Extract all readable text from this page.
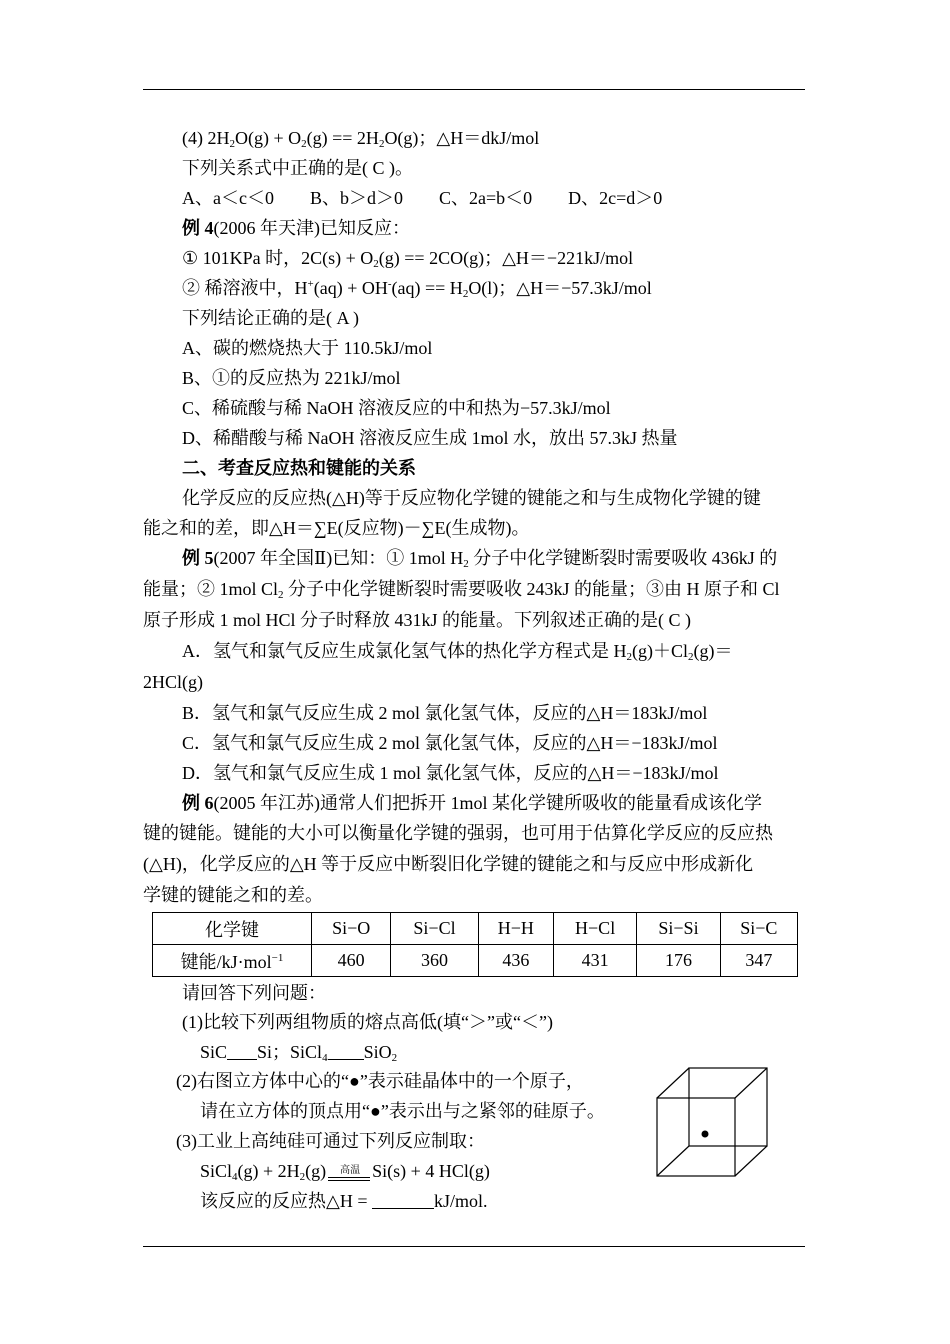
(4) $2H_2O(g) + O_2(g) == 2H_2O(g)$；△H＝dkJ/mol
下列关系式中正确的是( C )。
A、a＜c＜0　　B、b＞d＞0　　C、2a=b＜0　　D、2c=d＞0
例 4(2006 年天津)已知反应：
① 101KPa 时，$2C(s) + O_2(g) == 2CO(g)$；△H＝−221kJ/mol
② 稀溶液中，$H^+(aq) + OH^-(aq) == H_2O(l)$；△H＝−57.3kJ/mol
下列结论正确的是( A )
A、碳的燃烧热大于 110.5kJ/mol
B、①的反应热为 221kJ/mol
C、稀硫酸与稀 NaOH 溶液反应的中和热为−57.3kJ/mol
D、稀醋酸与稀 NaOH 溶液反应生成 1mol 水，放出 57.3kJ 热量
二、考查反应热和键能的关系
化学反应的反应热(△H)等于反应物化学键的键能之和与生成物化学键的键
能之和的差，即△H＝∑E(反应物)－∑E(生成物)。
例 5(2007 年全国Ⅱ)已知：① 1mol $H_2$ 分子中化学键断裂时需要吸收 436kJ 的
能量；② 1mol $Cl_2$ 分子中化学键断裂时需要吸收 243kJ 的能量；③由 H 原子和 Cl
原子形成 1 mol HCl 分子时释放 431kJ 的能量。下列叙述正确的是( C )
A．氢气和氯气反应生成氯化氢气体的热化学方程式是 $H_2(g)+Cl_2(g)=$
2HCl(g)
B．氢气和氯气反应生成 2 mol 氯化氢气体，反应的△H＝183kJ/mol
C．氢气和氯气反应生成 2 mol 氯化氢气体，反应的△H＝−183kJ/mol
D．氢气和氯气反应生成 1 mol 氯化氢气体，反应的△H＝−183kJ/mol
例 6(2005 年江苏)通常人们把拆开 1mol 某化学键所吸收的能量看成该化学
键的键能。键能的大小可以衡量化学键的强弱，也可用于估算化学反应的反应热
(△H)，化学反应的△H 等于反应中断裂旧化学键的键能之和与反应中形成新化
学键的键能之和的差。
化学键	Si−O	Si−Cl	H−H	H−Cl	Si−Si	Si−C
键能/kJ·mol$^{-1}$	460	360	436	431	176	347
请回答下列问题：
(1)比较下列两组物质的熔点高低(填“＞”或“＜”)
SiC Si；SiCl$_4$ SiO$_2$
(2)右图立方体中心的“●”表示硅晶体中的一个原子，
请在立方体的顶点用“●”表示出与之紧邻的硅原子。
(3)工业上高纯硅可通过下列反应制取：
SiCl$_4$(g) + $2H_2(g)$ 高温 Si(s) + 4 HCl(g)
该反应的反应热△H =	kJ/mol.
